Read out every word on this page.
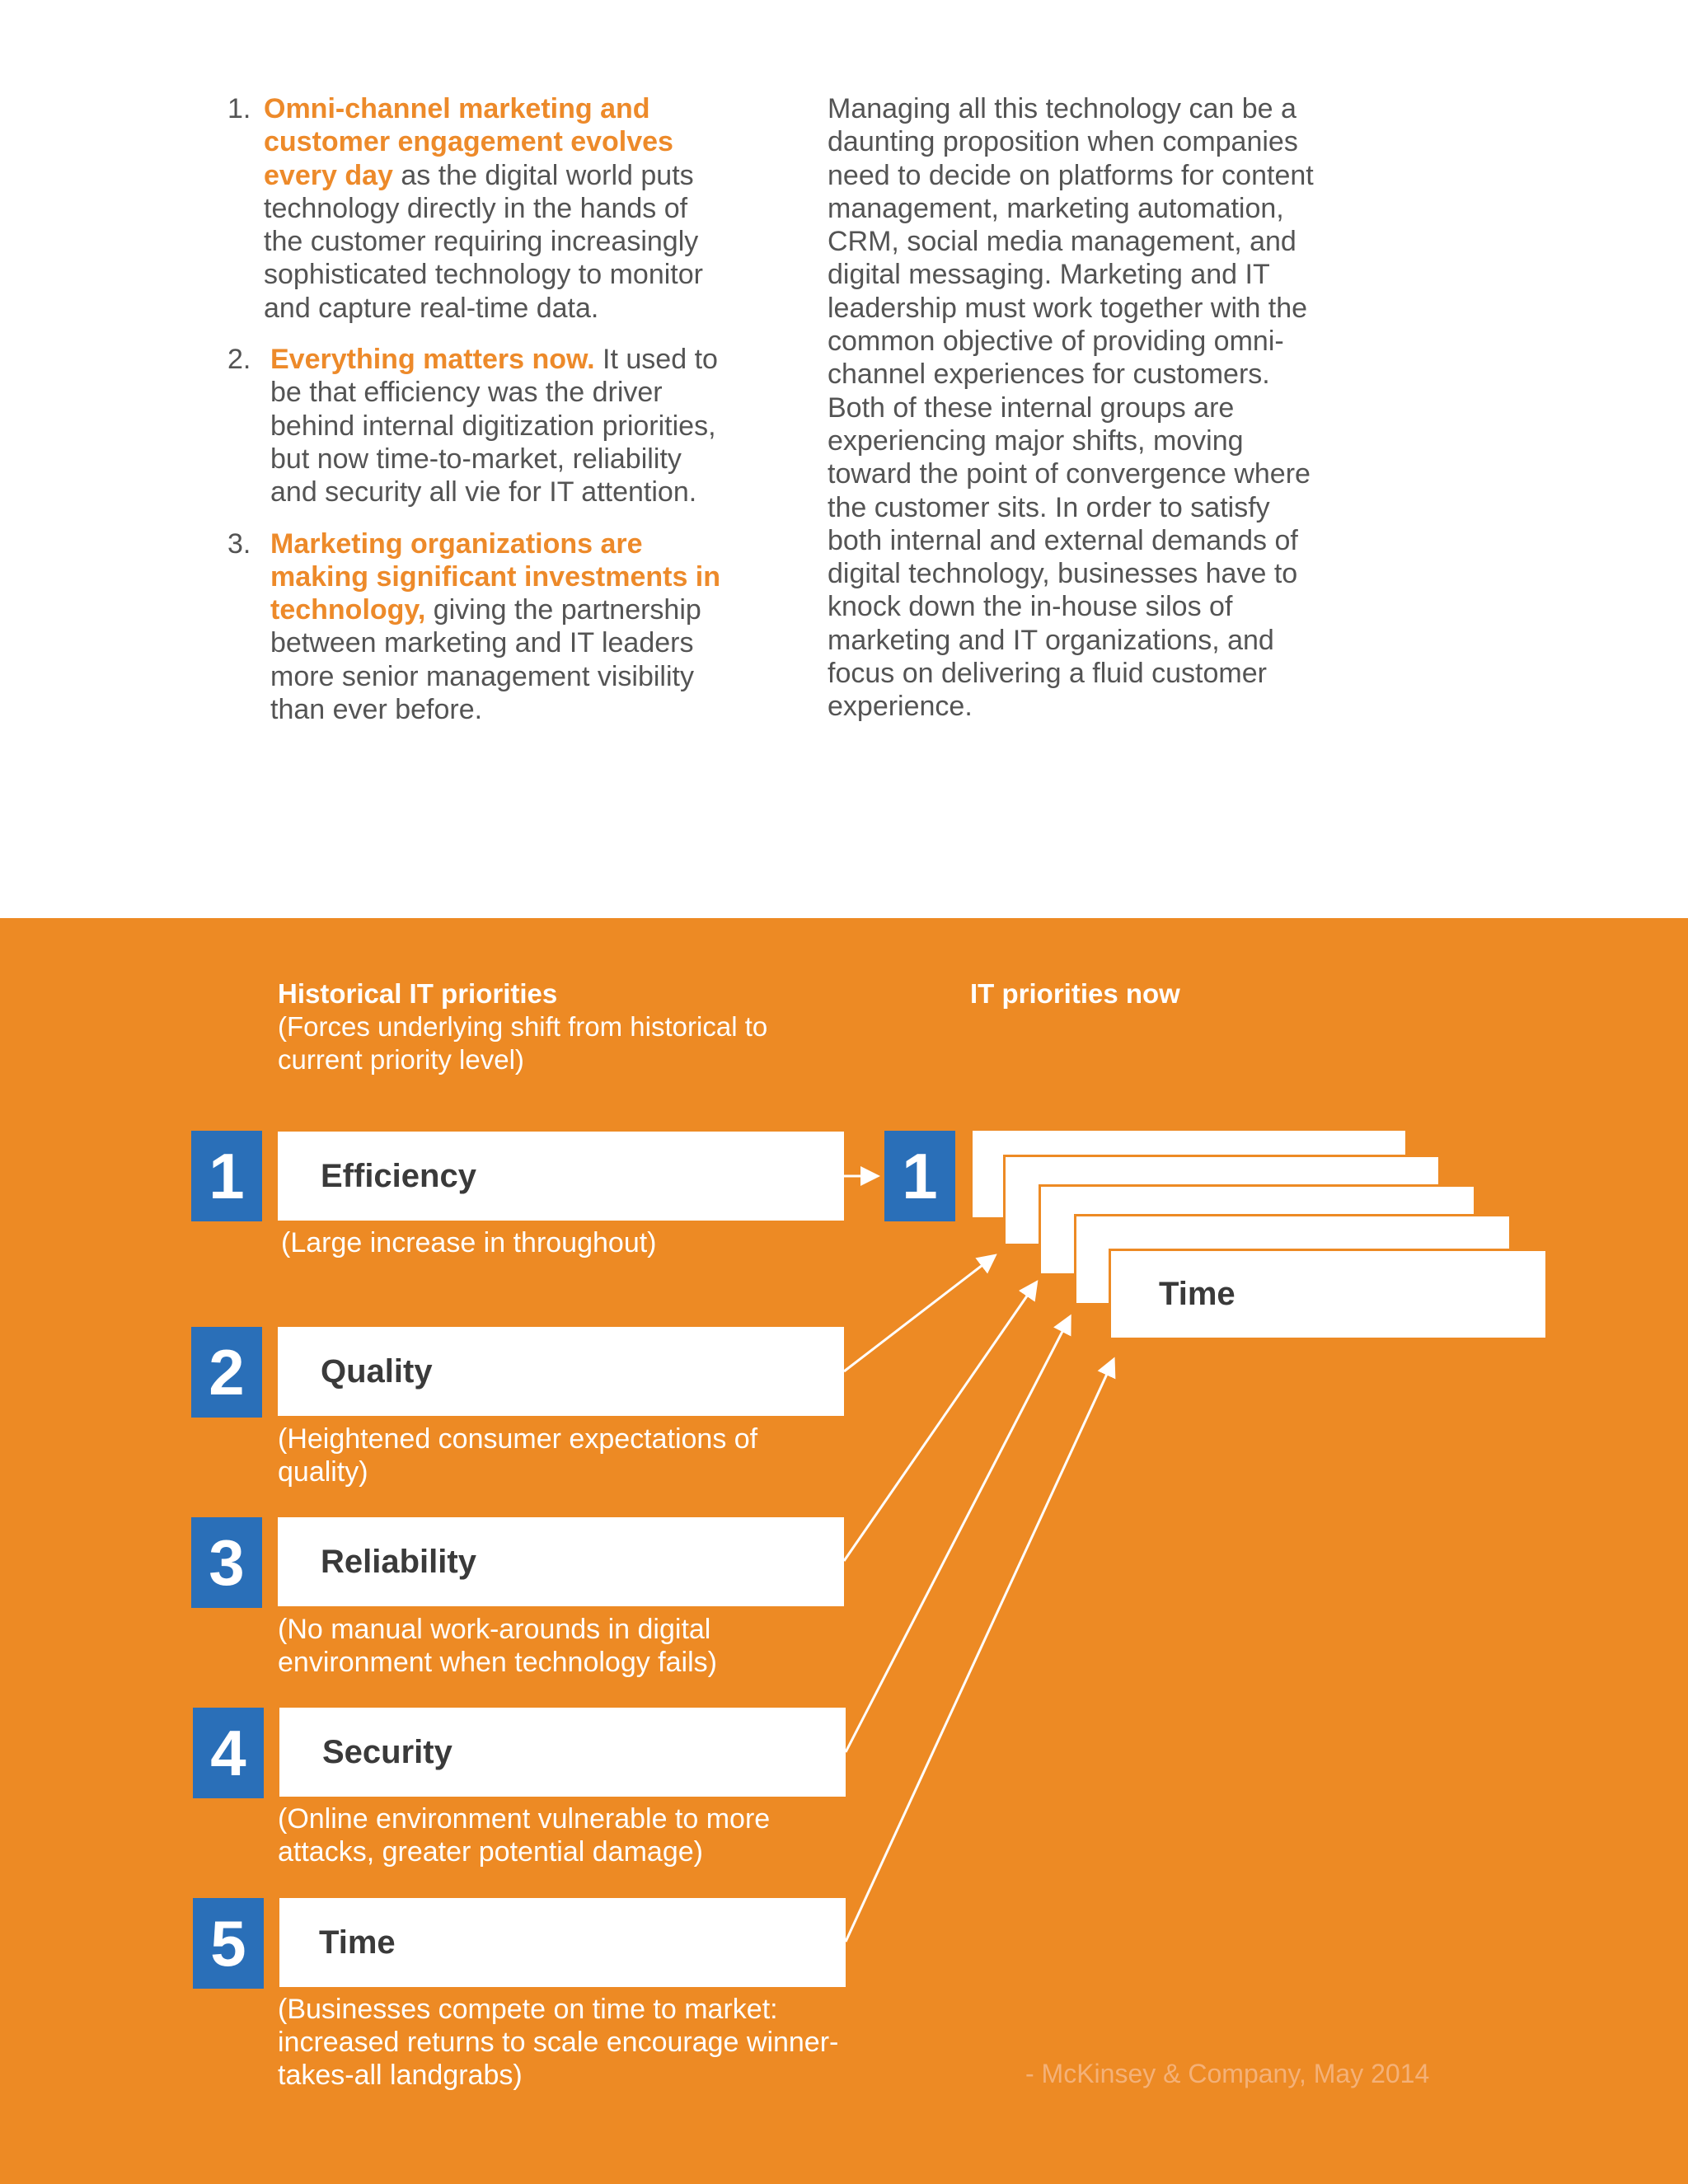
1. Omni-channel marketing and customer engagement evolves every day as the digital world puts technology directly in the hands of the customer requiring increasingly sophisticated technology to monitor and capture real-time data.
2. Everything matters now. It used to be that efficiency was the driver behind internal digitization priorities, but now time-to-market, reliability and security all vie for IT attention.
3. Marketing organizations are making significant investments in technology, giving the partnership between marketing and IT leaders more senior management visibility than ever before.
Managing all this technology can be a daunting proposition when companies need to decide on platforms for content management, marketing automation, CRM, social media management, and digital messaging. Marketing and IT leadership must work together with the common objective of providing omni-channel experiences for customers. Both of these internal groups are experiencing major shifts, moving toward the point of convergence where the customer sits. In order to satisfy both internal and external demands of digital technology, businesses have to knock down the in-house silos of marketing and IT organizations, and focus on delivering a fluid customer experience.
Historical IT priorities
(Forces underlying shift from historical to current priority level)
IT priorities now
1	Efficiency
(Large increase in throughout)
2	Quality
(Heightened consumer expectations of quality)
3	Reliability
(No manual work-arounds in digital environment when technology fails)
4	Security
(Online environment vulnerable to more attacks, greater potential damage)
5	Time
(Businesses compete on time to market: increased returns to scale encourage winner-takes-all landgrabs)
1
Time
- McKinsey & Company, May 2014
